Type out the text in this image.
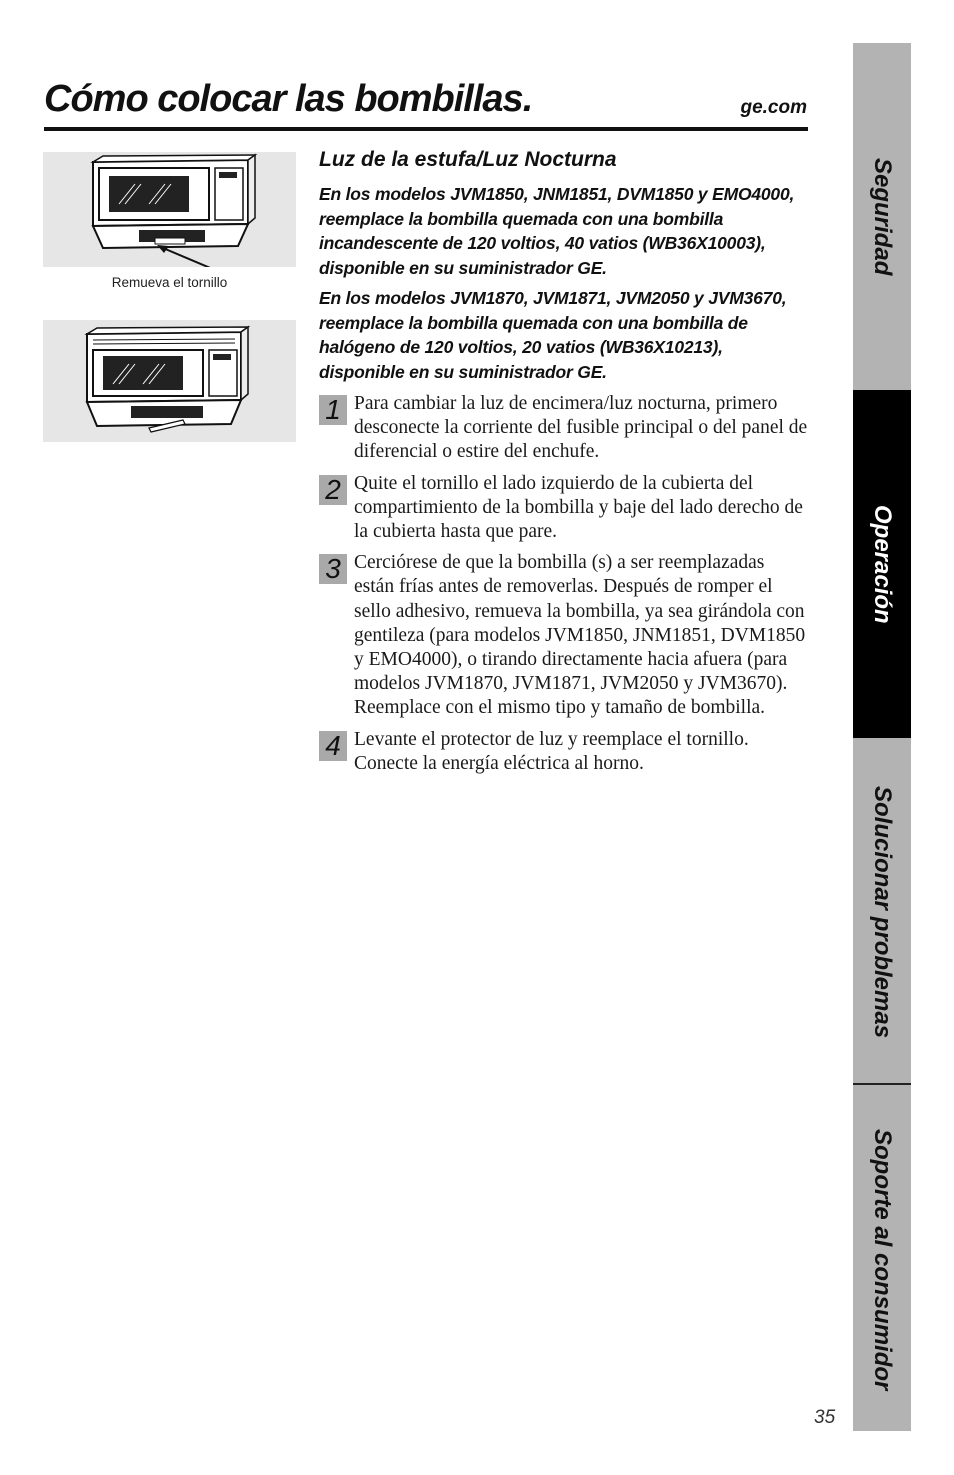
Cómo colocar las bombillas.	ge.com
Remueva el tornillo
Luz de la estufa/Luz Nocturna

En los modelos JVM1850, JNM1851, DVM1850 y EMO4000, reemplace la bombilla quemada con una bombilla incandescente de 120 voltios, 40 vatios (WB36X10003), disponible en su suministrador GE.

En los modelos JVM1870, JVM1871, JVM2050 y JVM3670, reemplace la bombilla quemada con una bombilla de halógeno de 120 voltios, 20 vatios (WB36X10213), disponible en su suministrador GE.

1 Para cambiar la luz de encimera/luz nocturna, primero desconecte la corriente del fusible principal o del panel de diferencial o estire del enchufe.
2 Quite el tornillo el lado izquierdo de la cubierta del compartimiento de la bombilla y baje del lado derecho de la cubierta hasta que pare.
3 Cerciórese de que la bombilla (s) a ser reemplazadas están frías antes de removerlas. Después de romper el sello adhesivo, remueva la bombilla, ya sea girándola con gentileza (para modelos JVM1850, JNM1851, DVM1850 y EMO4000), o tirando directamente hacia afuera (para modelos JVM1870, JVM1871, JVM2050 y JVM3670). Reemplace con el mismo tipo y tamaño de bombilla.
4 Levante el protector de luz y reemplace el tornillo. Conecte la energía eléctrica al horno.
Seguridad
Operación
Solucionar problemas
Soporte al consumidor
35
